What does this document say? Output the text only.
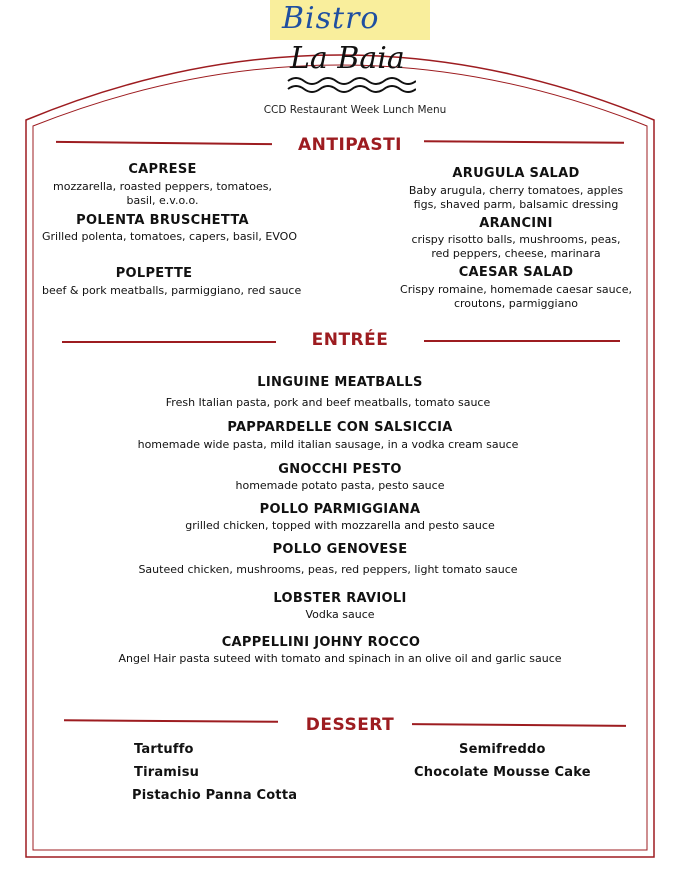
Bistro
La Baia
CCD Restaurant Week Lunch Menu
ANTIPASTI
CAPRESE
mozzarella, roasted peppers, tomatoes,
basil, e.v.o.o.
POLENTA BRUSCHETTA
Grilled polenta, tomatoes, capers, basil, EVOO
POLPETTE
beef & pork meatballs, parmiggiano, red sauce
ARUGULA SALAD
Baby arugula, cherry tomatoes, apples
figs, shaved parm, balsamic dressing
ARANCINI
crispy risotto balls, mushrooms, peas,
red peppers, cheese, marinara
CAESAR SALAD
Crispy romaine, homemade caesar sauce,
croutons, parmiggiano
ENTRÉE
LINGUINE MEATBALLS
Fresh Italian pasta, pork and beef meatballs, tomato sauce
PAPPARDELLE CON SALSICCIA
homemade wide pasta, mild italian sausage, in a vodka cream sauce
GNOCCHI PESTO
homemade potato pasta, pesto sauce
POLLO PARMIGGIANA
grilled chicken, topped with mozzarella and pesto sauce
POLLO GENOVESE
Sauteed chicken, mushrooms, peas, red peppers, light tomato sauce
LOBSTER RAVIOLI
Vodka sauce
CAPPELLINI JOHNY ROCCO
Angel Hair pasta suteed with tomato and spinach in an olive oil and garlic sauce
DESSERT
Tartuffo
Tiramisu
Pistachio Panna Cotta
Semifreddo
Chocolate Mousse Cake
